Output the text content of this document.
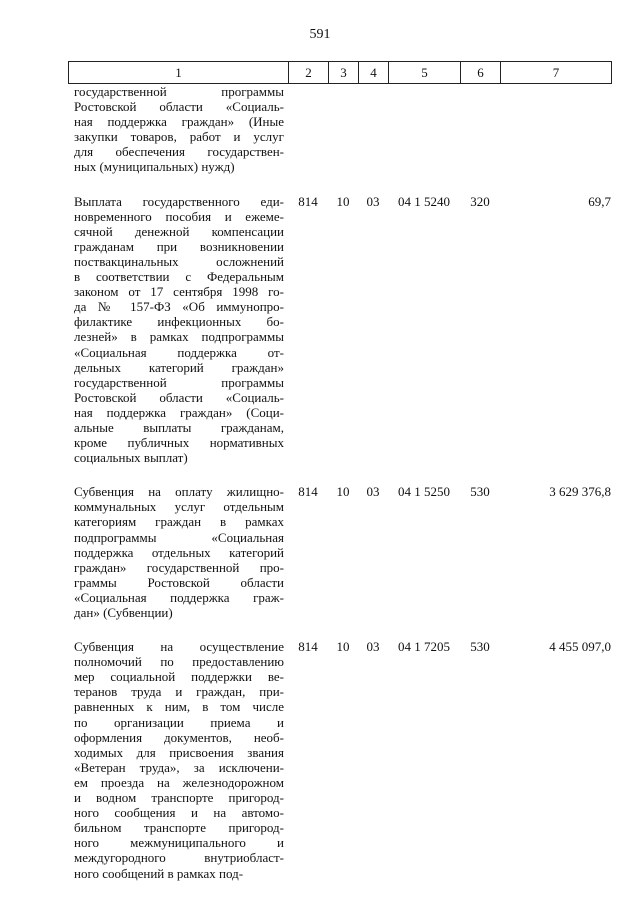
591
1	2	3	4	5	6	7
государственной программы
Ростовской области «Социаль-
ная поддержка граждан» (Иные
закупки товаров, работ и услуг
для обеспечения государствен-
ных (муниципальных) нужд)
Выплата государственного еди-
новременного пособия и ежеме-
сячной денежной компенсации
гражданам при возникновении
поствакцинальных осложнений
в соответствии с Федеральным
законом от 17 сентября 1998 го-
да № 157-ФЗ «Об иммунопро-
филактике инфекционных бо-
лезней» в рамках подпрограммы
«Социальная поддержка от-
дельных категорий граждан»
государственной программы
Ростовской области «Социаль-
ная поддержка граждан» (Соци-
альные выплаты гражданам,
кроме публичных нормативных
социальных выплат)
814	10	03	04 1 5240	320	69,7
Субвенция на оплату жилищно-
коммунальных услуг отдельным
категориям граждан в рамках
подпрограммы «Социальная
поддержка отдельных категорий
граждан» государственной про-
граммы Ростовской области
«Социальная поддержка граж-
дан» (Субвенции)
814	10	03	04 1 5250	530	3 629 376,8
Субвенция на осуществление
полномочий по предоставлению
мер социальной поддержки ве-
теранов труда и граждан, при-
равненных к ним, в том числе
по организации приема и
оформления документов, необ-
ходимых для присвоения звания
«Ветеран труда», за исключени-
ем проезда на железнодорожном
и водном транспорте пригород-
ного сообщения и на автомо-
бильном транспорте пригород-
ного межмуниципального и
междугородного внутриобласт-
ного сообщений в рамках под-
814	10	03	04 1 7205	530	4 455 097,0
